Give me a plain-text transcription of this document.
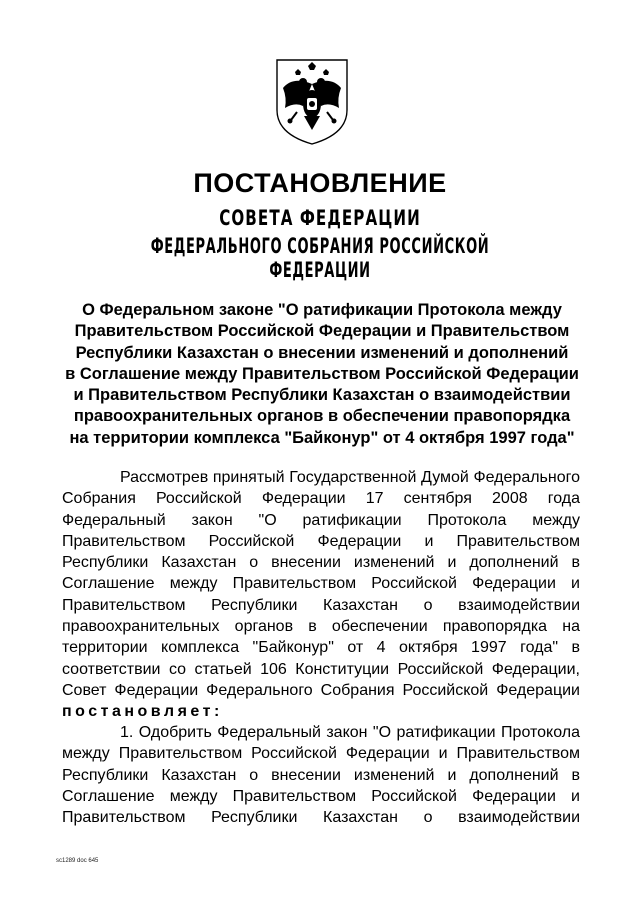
ПОСТАНОВЛЕНИЕ
СОВЕТА ФЕДЕРАЦИИ
ФЕДЕРАЛЬНОГО СОБРАНИЯ РОССИЙСКОЙ ФЕДЕРАЦИИ
О Федеральном законе "О ратификации Протокола между
Правительством Российской Федерации и Правительством
Республики Казахстан о внесении изменений и дополнений
в Соглашение между Правительством Российской Федерации
и Правительством Республики Казахстан о взаимодействии
правоохранительных органов в обеспечении правопорядка
на территории комплекса "Байконур" от 4 октября 1997 года"
Рассмотрев принятый Государственной Думой Федерального
Собрания Российской Федерации 17 сентября 2008 года
Федеральный закон "О ратификации Протокола между
Правительством Российской Федерации и Правительством
Республики Казахстан о внесении изменений и дополнений в
Соглашение между Правительством Российской Федерации и
Правительством Республики Казахстан о взаимодействии
правоохранительных органов в обеспечении правопорядка на
территории комплекса "Байконур" от 4 октября 1997 года" в
соответствии со статьей 106 Конституции Российской Федерации,
Совет Федерации Федерального Собрания Российской Федерации
постановляет:
1. Одобрить Федеральный закон "О ратификации Протокола
между Правительством Российской Федерации и Правительством
Республики Казахстан о внесении изменений и дополнений в
Соглашение между Правительством Российской Федерации и
Правительством Республики Казахстан о взаимодействии
sc1289 doc 645
